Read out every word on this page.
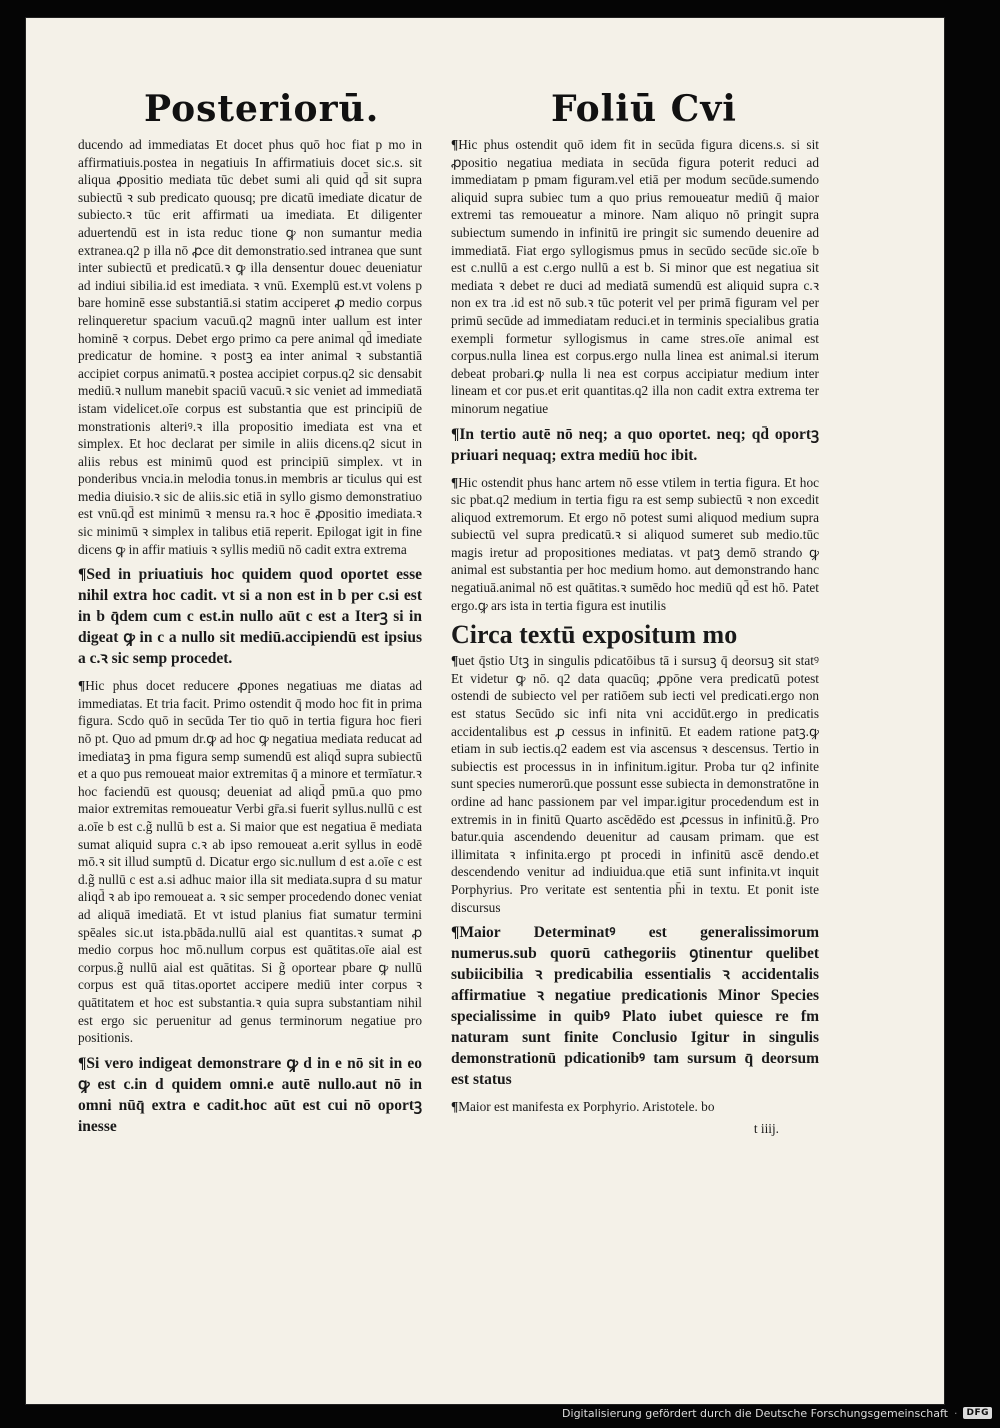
Posteriorū.	Foliū Cvi

ducendo ad immediatas Et docet phus quō hoc fiat p mo in affirmatiuis.postea in negatiuis In affirmatiuis docet sic.s. sit aliqua ꝓpositio mediata tūc debet sumi ali quid qd̄ sit supra subiectū ꝛ sub predicato quousq; pre dicatū imediate dicatur de subiecto.ꝛ tūc erit affirmati ua imediata. Et diligenter aduertendū est in ista reduc tione ꝙ non sumantur media extranea.q2 p illa nō ꝓce dit demonstratio.sed intranea que sunt inter subiectū et predicatū.ꝛ ꝙ illa densentur douec deueniatur ad indiui sibilia.id est imediata. ꝛ vnū. Exemplū est.vt volens p bare hominē esse substantiā.si statim acciperet ꝓ medio corpus relinqueretur spacium vacuū.q2 magnū inter uallum est inter hominē ꝛ corpus. Debet ergo primo ca pere animal qd̄ imediate predicatur de homine. ꝛ postꝫ ea inter animal ꝛ substantiā accipiet corpus animatū.ꝛ postea accipiet corpus.q2 sic densabit mediū.ꝛ nullum manebit spaciū vacuū.ꝛ sic veniet ad immediatā istam videlicet.oīe corpus est substantia que est principiū de monstrationis alteriꝰ.ꝛ illa propositio imediata est vna et simplex. Et hoc declarat per simile in aliis dicens.q2 sicut in aliis rebus est minimū quod est principiū simplex. vt in ponderibus vncia.in melodia tonus.in membris ar ticulus qui est media diuisio.ꝛ sic de aliis.sic etiā in syllo gismo demonstratiuo est vnū.qd̄ est minimū ꝛ mensu ra.ꝛ hoc ē ꝓpositio imediata.ꝛ sic minimū ꝛ simplex in talibus etiā reperit. Epilogat igit in fine dicens ꝙ in affir matiuis ꝛ syllis mediū nō cadit extra extrema

¶Sed in priuatiuis hoc quidem quod oportet esse nihil extra hoc cadit. vt si a non est in b per c.si est in b q̄dem cum c est.in nullo aūt c est a Iterꝫ si in digeat ꝙ in c a nullo sit mediū.accipiendū est ipsius a c.ꝛ sic semp procedet.

¶Hic phus docet reducere ꝓpones negatiuas me diatas ad immediatas. Et tria facit. Primo ostendit q̄ modo hoc fit in prima figura. Scdo quō in secūda Ter tio quō in tertia figura hoc fieri nō pt. Quo ad pmum dr.ꝙ ad hoc ꝙ negatiua mediata reducat ad imediataꝫ in pma figura semp sumendū est aliqd̄ supra subiectū et a quo pus remoueat maior extremitas q̄ a minore et termīatur.ꝛ hoc faciendū est quousq; deueniat ad aliqd̄ pmū.a quo pmo maior extremitas remoueatur Verbi gr̄a.si fuerit syllus.nullū c est a.oīe b est c.g̃ nullū b est a. Si maior que est negatiua ē mediata sumat aliquid supra c.ꝛ ab ipso remoueat a.erit syllus in eodē mō.ꝛ sit illud sumptū d. Dicatur ergo sic.nullum d est a.oīe c est d.g̃ nullū c est a.si adhuc maior illa sit mediata.supra d su matur aliqd̄ ꝛ ab ipo remoueat a. ꝛ sic semper procedendo donec veniat ad aliquā imediatā. Et vt istud planius fiat sumatur termini spēales sic.ut ista.pbāda.nullū aial est quantitas.ꝛ sumat ꝓ medio corpus hoc mō.nullum corpus est quātitas.oīe aial est corpus.g̃ nullū aial est quātitas. Si g̃ oportear pbare ꝙ nullū corpus est quā titas.oportet accipere mediū inter corpus ꝛ quātitatem et hoc est substantia.ꝛ quia supra substantiam nihil est ergo sic peruenitur ad genus terminorum negatiue pro positionis.

¶Si vero indigeat demonstrare ꝙ d in e nō sit in eo ꝙ est c.in d quidem omni.e autē nullo.aut nō in omni nūq̄ extra e cadit.hoc aūt est cui nō oportꝫ inesse

¶Hic phus ostendit quō idem fit in secūda figura dicens.s. si sit ꝓpositio negatiua mediata in secūda figura poterit reduci ad immediatam p pmam figuram.vel etiā per modum secūde.sumendo aliquid supra subiec tum a quo prius remoueatur mediū q̄ maior extremi tas remoueatur a minore. Nam aliquo nō pringit supra subiectum sumendo in infinitū ire pringit sic sumendo deuenire ad immediatā. Fiat ergo syllogismus pmus in secūdo secūde sic.oīe b est c.nullū a est c.ergo nullū a est b. Si minor que est negatiua sit mediata ꝛ debet re duci ad mediatā sumendū est aliquid supra c.ꝛ non ex tra .id est nō sub.ꝛ tūc poterit vel per primā figuram vel per primū secūde ad immediatam reduci.et in terminis specialibus gratia exempli formetur syllogismus in came stres.oīe animal est corpus.nulla linea est corpus.ergo nulla linea est animal.si iterum debeat probari.ꝙ nulla li nea est corpus accipiatur medium inter lineam et cor pus.et erit quantitas.q2 illa non cadit extra extrema ter minorum negatiue

¶In tertio autē nō neq; a quo oportet. neq; qd̄ oportꝫ priuari nequaq; extra mediū hoc ibit.

¶Hic ostendit phus hanc artem nō esse vtilem in tertia figura. Et hoc sic pbat.q2 medium in tertia figu ra est semp subiectū ꝛ non excedit aliquod extremorum. Et ergo nō potest sumi aliquod medium supra subiectū vel supra predicatū.ꝛ si aliquod sumeret sub medio.tūc magis iretur ad propositiones mediatas. vt patꝫ demō strando ꝙ animal est substantia per hoc medium homo. aut demonstrando hanc negatiuā.animal nō est quātitas.ꝛ sumēdo hoc mediū qd̄ est hō. Patet ergo.ꝙ ars ista in tertia figura est inutilis

Circa textū expositum mo

¶uet q̄stio Utꝫ in singulis pdicatōibus tā i sursuꝫ q̄ deorsuꝫ sit statꝰ Et videtur ꝙ nō. q2 data quacūq; ꝓpōne vera predicatū potest ostendi de subiecto vel per ratiōem sub iecti vel predicati.ergo non est status Secūdo sic infi nita vni accidūt.ergo in predicatis accidentalibus est ꝓ cessus in infinitū. Et eadem ratione patꝫ.ꝙ etiam in sub iectis.q2 eadem est via ascensus ꝛ descensus. Tertio in subiectis est processus in in infinitum.igitur. Proba tur q2 infinite sunt species numerorū.que possunt esse subiecta in demonstratōne in ordine ad hanc passionem par vel impar.igitur procedendum est in extremis in in finitū Quarto ascēdēdo est ꝓcessus in infinitū.g̃. Pro batur.quia ascendendo deuenitur ad causam primam. que est illimitata ꝛ infinita.ergo pt procedi in infinitū ascē dendo.et descendendo venitur ad indiuidua.que etiā sunt infinita.vt inquit Porphyrius. Pro veritate est sententia ph̄i in textu. Et ponit iste discursus

¶Maior Determinatꝰ est generalissimorum numerus.sub quorū cathegoriis ꝯtinentur quelibet subiicibilia ꝛ predicabilia essentialis ꝛ accidentalis affirmatiue ꝛ negatiue predicationis Minor Species specialissime in quibꝰ Plato iubet quiesce re fm naturam sunt finite Conclusio Igitur in singulis demonstrationū pdicationibꝰ tam sursum q̄ deorsum est status

¶Maior est manifesta ex Porphyrio. Aristotele. bo

t iiij.

Digitalisierung gefördert durch die Deutsche Forschungsgemeinschaft ·	DFG
